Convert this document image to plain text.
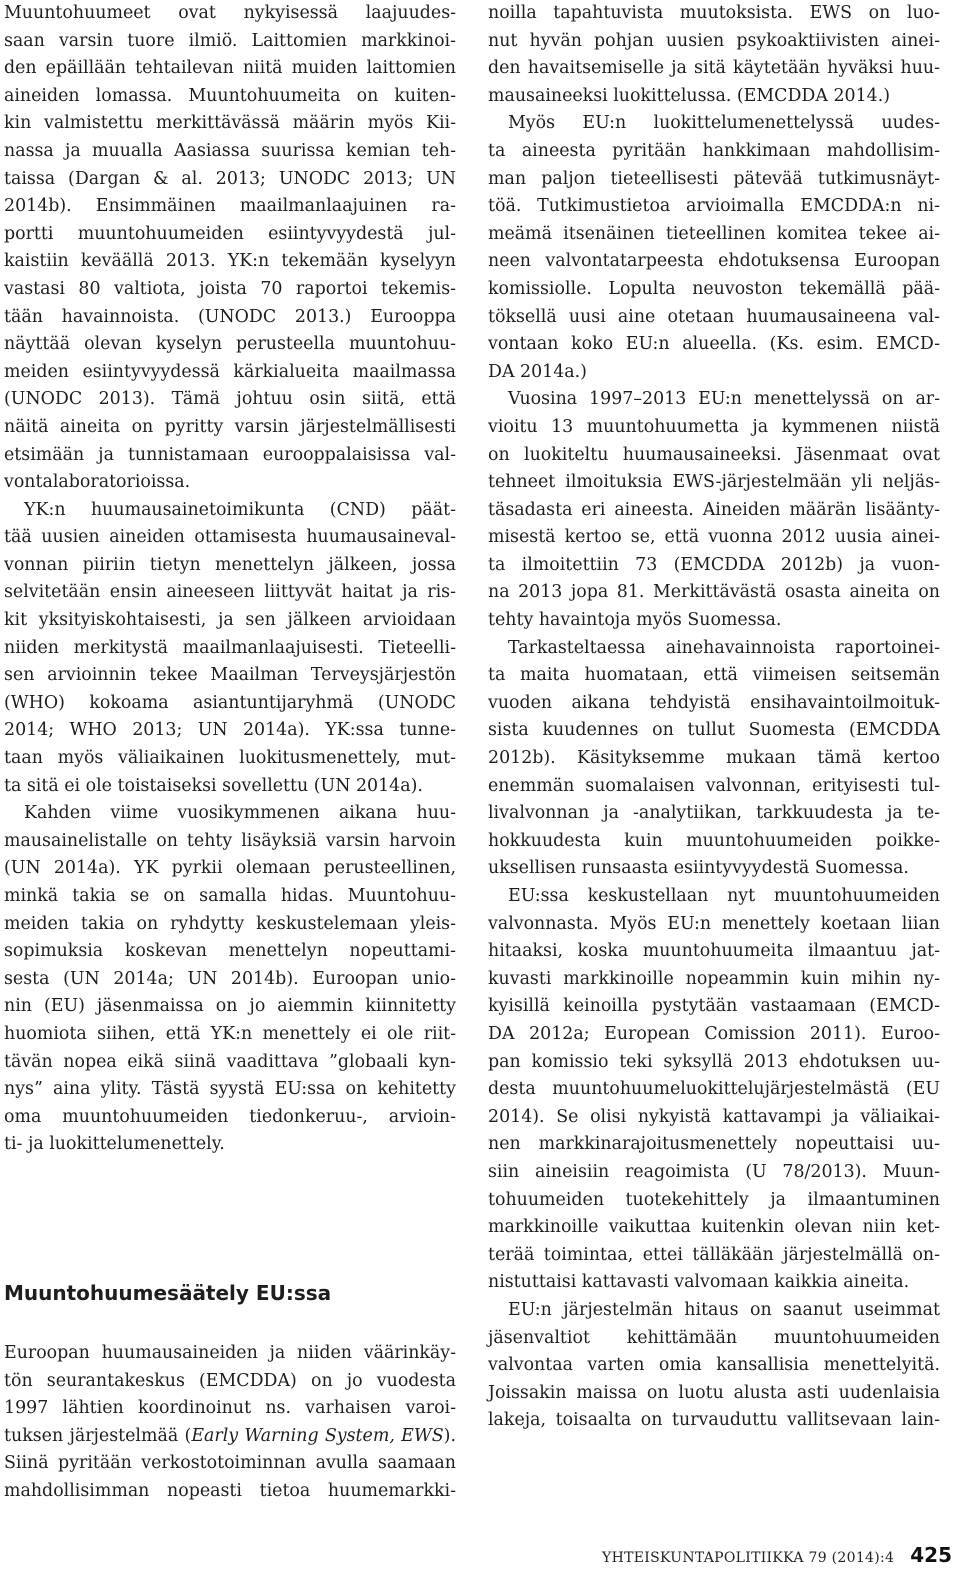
Muuntohuumeet ovat nykyisessä laajuudes-
saan varsin tuore ilmiö. Laittomien markkinoi-
den epäillään tehtailevan niitä muiden laittomien
aineiden lomassa. Muuntohuumeita on kuiten-
kin valmistettu merkittävässä määrin myös Kii-
nassa ja muualla Aasiassa suurissa kemian teh-
taissa (Dargan & al. 2013; UNODC 2013; UN
2014b). Ensimmäinen maailmanlaajuinen ra-
portti muuntohuumeiden esiintyvyydestä jul-
kaistiin keväällä 2013. YK:n tekemään kyselyyn
vastasi 80 valtiota, joista 70 raportoi tekemis-
tään havainnoista. (UNODC 2013.) Eurooppa
näyttää olevan kyselyn perusteella muuntohuu-
meiden esiintyvyydessä kärkialueita maailmassa
(UNODC 2013). Tämä johtuu osin siitä, että
näitä aineita on pyritty varsin järjestelmällisesti
etsimään ja tunnistamaan eurooppalaisissa val-
vontalaboratorioissa.
YK:n huumausainetoimikunta (CND) päät-
tää uusien aineiden ottamisesta huumausaineval-
vonnan piiriin tietyn menettelyn jälkeen, jossa
selvitetään ensin aineeseen liittyvät haitat ja ris-
kit yksityiskohtaisesti, ja sen jälkeen arvioidaan
niiden merkitystä maailmanlaajuisesti. Tieteelli-
sen arvioinnin tekee Maailman Terveysjärjestön
(WHO) kokoama asiantuntijaryhmä (UNODC
2014; WHO 2013; UN 2014a). YK:ssa tunne-
taan myös väliaikainen luokitusmenettely, mut-
ta sitä ei ole toistaiseksi sovellettu (UN 2014a).
Kahden viime vuosikymmenen aikana huu-
mausainelistalle on tehty lisäyksiä varsin harvoin
(UN 2014a). YK pyrkii olemaan perusteellinen,
minkä takia se on samalla hidas. Muuntohuu-
meiden takia on ryhdytty keskustelemaan yleis-
sopimuksia koskevan menettelyn nopeuttami-
sesta (UN 2014a; UN 2014b). Euroopan unio-
nin (EU) jäsenmaissa on jo aiemmin kiinnitetty
huomiota siihen, että YK:n menettely ei ole riit-
tävän nopea eikä siinä vaadittava ”globaali kyn-
nys” aina ylity. Tästä syystä EU:ssa on kehitetty
oma muuntohuumeiden tiedonkeruu-, arvioin-
ti- ja luokittelumenettely.
Muuntohuumesäätely EU:ssa
Euroopan huumausaineiden ja niiden väärinkäy-
tön seurantakeskus (EMCDDA) on jo vuodesta
1997 lähtien koordinoinut ns. varhaisen varoi-
tuksen järjestelmää (Early Warning System, EWS).
Siinä pyritään verkostotoiminnan avulla saamaan
mahdollisimman nopeasti tietoa huumemarkki-
noilla tapahtuvista muutoksista. EWS on luo-
nut hyvän pohjan uusien psykoaktiivisten ainei-
den havaitsemiselle ja sitä käytetään hyväksi huu-
mausaineeksi luokittelussa. (EMCDDA 2014.)
Myös EU:n luokittelumenettelyssä uudes-
ta aineesta pyritään hankkimaan mahdollisim-
man paljon tieteellisesti pätevää tutkimusnäyt-
töä. Tutkimustietoa arvioimalla EMCDDA:n ni-
meämä itsenäinen tieteellinen komitea tekee ai-
neen valvontatarpeesta ehdotuksensa Euroopan
komissiolle. Lopulta neuvoston tekemällä pää-
töksellä uusi aine otetaan huumausaineena val-
vontaan koko EU:n alueella. (Ks. esim. EMCD-
DA 2014a.)
Vuosina 1997–2013 EU:n menettelyssä on ar-
vioitu 13 muuntohuumetta ja kymmenen niistä
on luokiteltu huumausaineeksi. Jäsenmaat ovat
tehneet ilmoituksia EWS-järjestelmään yli neljäs-
täsadasta eri aineesta. Aineiden määrän lisäänty-
misestä kertoo se, että vuonna 2012 uusia ainei-
ta ilmoitettiin 73 (EMCDDA 2012b) ja vuon-
na 2013 jopa 81. Merkittävästä osasta aineita on
tehty havaintoja myös Suomessa.
Tarkasteltaessa ainehavainnoista raportoinei-
ta maita huomataan, että viimeisen seitsemän
vuoden aikana tehdyistä ensihavaintoilmoituk-
sista kuudennes on tullut Suomesta (EMCDDA
2012b). Käsityksemme mukaan tämä kertoo
enemmän suomalaisen valvonnan, erityisesti tul-
livalvonnan ja -analytiikan, tarkkuudesta ja te-
hokkuudesta kuin muuntohuumeiden poikke-
uksellisen runsaasta esiintyvyydestä Suomessa.
EU:ssa keskustellaan nyt muuntohuumeiden
valvonnasta. Myös EU:n menettely koetaan liian
hitaaksi, koska muuntohuumeita ilmaantuu jat-
kuvasti markkinoille nopeammin kuin mihin ny-
kyisillä keinoilla pystytään vastaamaan (EMCD-
DA 2012a; European Comission 2011). Euroo-
pan komissio teki syksyllä 2013 ehdotuksen uu-
desta muuntohuumeluokittelujärjestelmästä (EU
2014). Se olisi nykyistä kattavampi ja väliaikai-
nen markkinarajoitusmenettely nopeuttaisi uu-
siin aineisiin reagoimista (U 78/2013). Muun-
tohuumeiden tuotekehittely ja ilmaantuminen
markkinoille vaikuttaa kuitenkin olevan niin ket-
terää toimintaa, ettei tälläkään järjestelmällä on-
nistuttaisi kattavasti valvomaan kaikkia aineita.
EU:n järjestelmän hitaus on saanut useimmat
jäsenvaltiot kehittämään muuntohuumeiden
valvontaa varten omia kansallisia menettelyitä.
Joissakin maissa on luotu alusta asti uudenlaisia
lakeja, toisaalta on turvauduttu vallitsevaan lain-
YHTEISKUNTAPOLITIIKKA 79 (2014):4 425
